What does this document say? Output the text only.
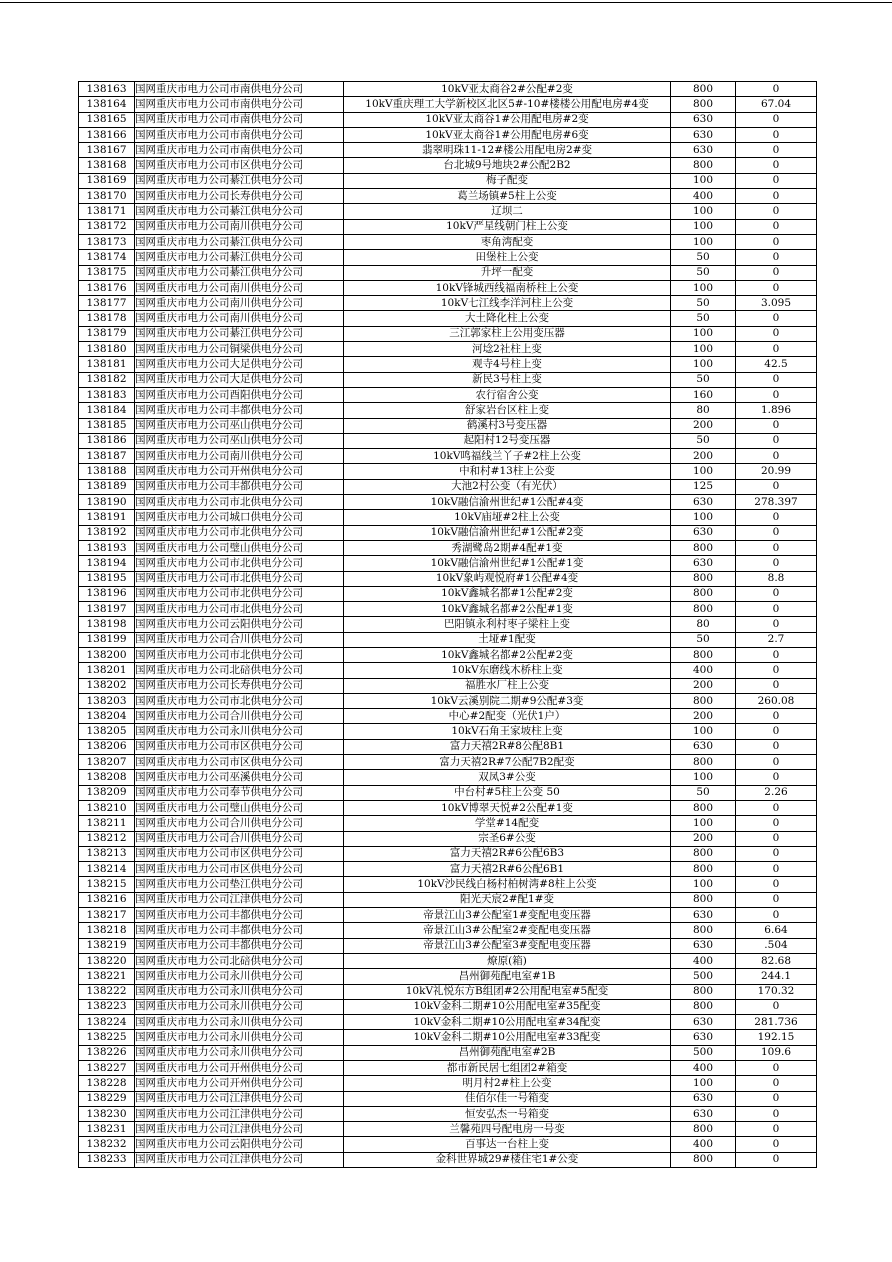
138163	国网重庆市电力公司市南供电分公司	10kV亚太商谷2#公配#2变	800	0
138164	国网重庆市电力公司市南供电分公司	10kV重庆理工大学新校区北区5#-10#楼楼公用配电房#4变	800	67.04
138165	国网重庆市电力公司市南供电分公司	10kV亚太商谷1#公用配电房#2变	630	0
138166	国网重庆市电力公司市南供电分公司	10kV亚太商谷1#公用配电房#6变	630	0
138167	国网重庆市电力公司市南供电分公司	翡翠明珠11-12#楼公用配电房2#变	630	0
138168	国网重庆市电力公司市区供电分公司	台北城9号地块2#公配2B2	800	0
138169	国网重庆市电力公司綦江供电分公司	梅子配变	100	0
138170	国网重庆市电力公司长寿供电分公司	葛兰场镇#5柱上公变	400	0
138171	国网重庆市电力公司綦江供电分公司	辽坝二	100	0
138172	国网重庆市电力公司南川供电分公司	10kV严星线朝门柱上公变	100	0
138173	国网重庆市电力公司綦江供电分公司	枣角湾配变	100	0
138174	国网重庆市电力公司綦江供电分公司	田堡柱上公变	50	0
138175	国网重庆市电力公司綦江供电分公司	升坪一配变	50	0
138176	国网重庆市电力公司南川供电分公司	10kV锋城西线福南桥柱上公变	100	0
138177	国网重庆市电力公司南川供电分公司	10kV七江线李洋河柱上公变	50	3.095
138178	国网重庆市电力公司南川供电分公司	大土降化柱上公变	50	0
138179	国网重庆市电力公司綦江供电分公司	三江郭家柱上公用变压器	100	0
138180	国网重庆市电力公司铜梁供电分公司	河埝2社柱上变	100	0
138181	国网重庆市电力公司大足供电分公司	观寺4号柱上变	100	42.5
138182	国网重庆市电力公司大足供电分公司	新民3号柱上变	50	0
138183	国网重庆市电力公司酉阳供电分公司	农行宿舍公变	160	0
138184	国网重庆市电力公司丰都供电分公司	舒家岩台区柱上变	80	1.896
138185	国网重庆市电力公司巫山供电分公司	鹤溪村3号变压器	200	0
138186	国网重庆市电力公司巫山供电分公司	起阳村12号变压器	50	0
138187	国网重庆市电力公司南川供电分公司	10kV鸣福线兰丫子#2柱上公变	200	0
138188	国网重庆市电力公司开州供电分公司	中和村#13柱上公变	100	20.99
138189	国网重庆市电力公司丰都供电分公司	大池2村公变（有光伏）	125	0
138190	国网重庆市电力公司市北供电分公司	10kV融信渝州世纪#1公配#4变	630	278.397
138191	国网重庆市电力公司城口供电分公司	10kV庙垭#2柱上公变	100	0
138192	国网重庆市电力公司市北供电分公司	10kV融信渝州世纪#1公配#2变	630	0
138193	国网重庆市电力公司璧山供电分公司	秀湖鹭岛2期#4配#1变	800	0
138194	国网重庆市电力公司市北供电分公司	10kV融信渝州世纪#1公配#1变	630	0
138195	国网重庆市电力公司市北供电分公司	10kV象屿观悦府#1公配#4变	800	8.8
138196	国网重庆市电力公司市北供电分公司	10kV鑫城名都#1公配#2变	800	0
138197	国网重庆市电力公司市北供电分公司	10kV鑫城名都#2公配#1变	800	0
138198	国网重庆市电力公司云阳供电分公司	巴阳镇永利村枣子梁柱上变	80	0
138199	国网重庆市电力公司合川供电分公司	土垭#1配变	50	2.7
138200	国网重庆市电力公司市北供电分公司	10kV鑫城名都#2公配#2变	800	0
138201	国网重庆市电力公司北碚供电分公司	10kV东磨线木桥柱上变	400	0
138202	国网重庆市电力公司长寿供电分公司	福胜水厂柱上公变	200	0
138203	国网重庆市电力公司市北供电分公司	10kV云溪别院二期#9公配#3变	800	260.08
138204	国网重庆市电力公司合川供电分公司	中心#2配变（光伏1户）	200	0
138205	国网重庆市电力公司永川供电分公司	10kV石角王家坡柱上变	100	0
138206	国网重庆市电力公司市区供电分公司	富力天禧2R#8公配8B1	630	0
138207	国网重庆市电力公司市区供电分公司	富力天禧2R#7公配7B2配变	800	0
138208	国网重庆市电力公司巫溪供电分公司	双凤3#公变	100	0
138209	国网重庆市电力公司奉节供电分公司	中台村#5柱上公变 50	50	2.26
138210	国网重庆市电力公司璧山供电分公司	10kV博翠天悦#2公配#1变	800	0
138211	国网重庆市电力公司合川供电分公司	学堂#14配变	100	0
138212	国网重庆市电力公司合川供电分公司	宗圣6#公变	200	0
138213	国网重庆市电力公司市区供电分公司	富力天禧2R#6公配6B3	800	0
138214	国网重庆市电力公司市区供电分公司	富力天禧2R#6公配6B1	800	0
138215	国网重庆市电力公司垫江供电分公司	10kV沙民线白杨村柏树湾#8柱上公变	100	0
138216	国网重庆市电力公司江津供电分公司	阳光天宸2#配1#变	800	0
138217	国网重庆市电力公司丰都供电分公司	帝景江山3#公配室1#变配电变压器	630	0
138218	国网重庆市电力公司丰都供电分公司	帝景江山3#公配室2#变配电变压器	800	6.64
138219	国网重庆市电力公司丰都供电分公司	帝景江山3#公配室3#变配电变压器	630	.504
138220	国网重庆市电力公司北碚供电分公司	燎原(箱)	400	82.68
138221	国网重庆市电力公司永川供电分公司	昌州御苑配电室#1B	500	244.1
138222	国网重庆市电力公司永川供电分公司	10kV礼悦东方B组团#2公用配电室#5配变	800	170.32
138223	国网重庆市电力公司永川供电分公司	10kV金科二期#10公用配电室#35配变	800	0
138224	国网重庆市电力公司永川供电分公司	10kV金科二期#10公用配电室#34配变	630	281.736
138225	国网重庆市电力公司永川供电分公司	10kV金科二期#10公用配电室#33配变	630	192.15
138226	国网重庆市电力公司永川供电分公司	昌州御苑配电室#2B	500	109.6
138227	国网重庆市电力公司开州供电分公司	都市新民居七组团2#箱变	400	0
138228	国网重庆市电力公司开州供电分公司	明月村2#柱上公变	100	0
138229	国网重庆市电力公司江津供电分公司	佳佰尔佳一号箱变	630	0
138230	国网重庆市电力公司江津供电分公司	恒安弘杰一号箱变	630	0
138231	国网重庆市电力公司江津供电分公司	兰馨苑四号配电房一号变	800	0
138232	国网重庆市电力公司云阳供电分公司	百事达一台柱上变	400	0
138233	国网重庆市电力公司江津供电分公司	金科世界城29#楼住宅1#公变	800	0
